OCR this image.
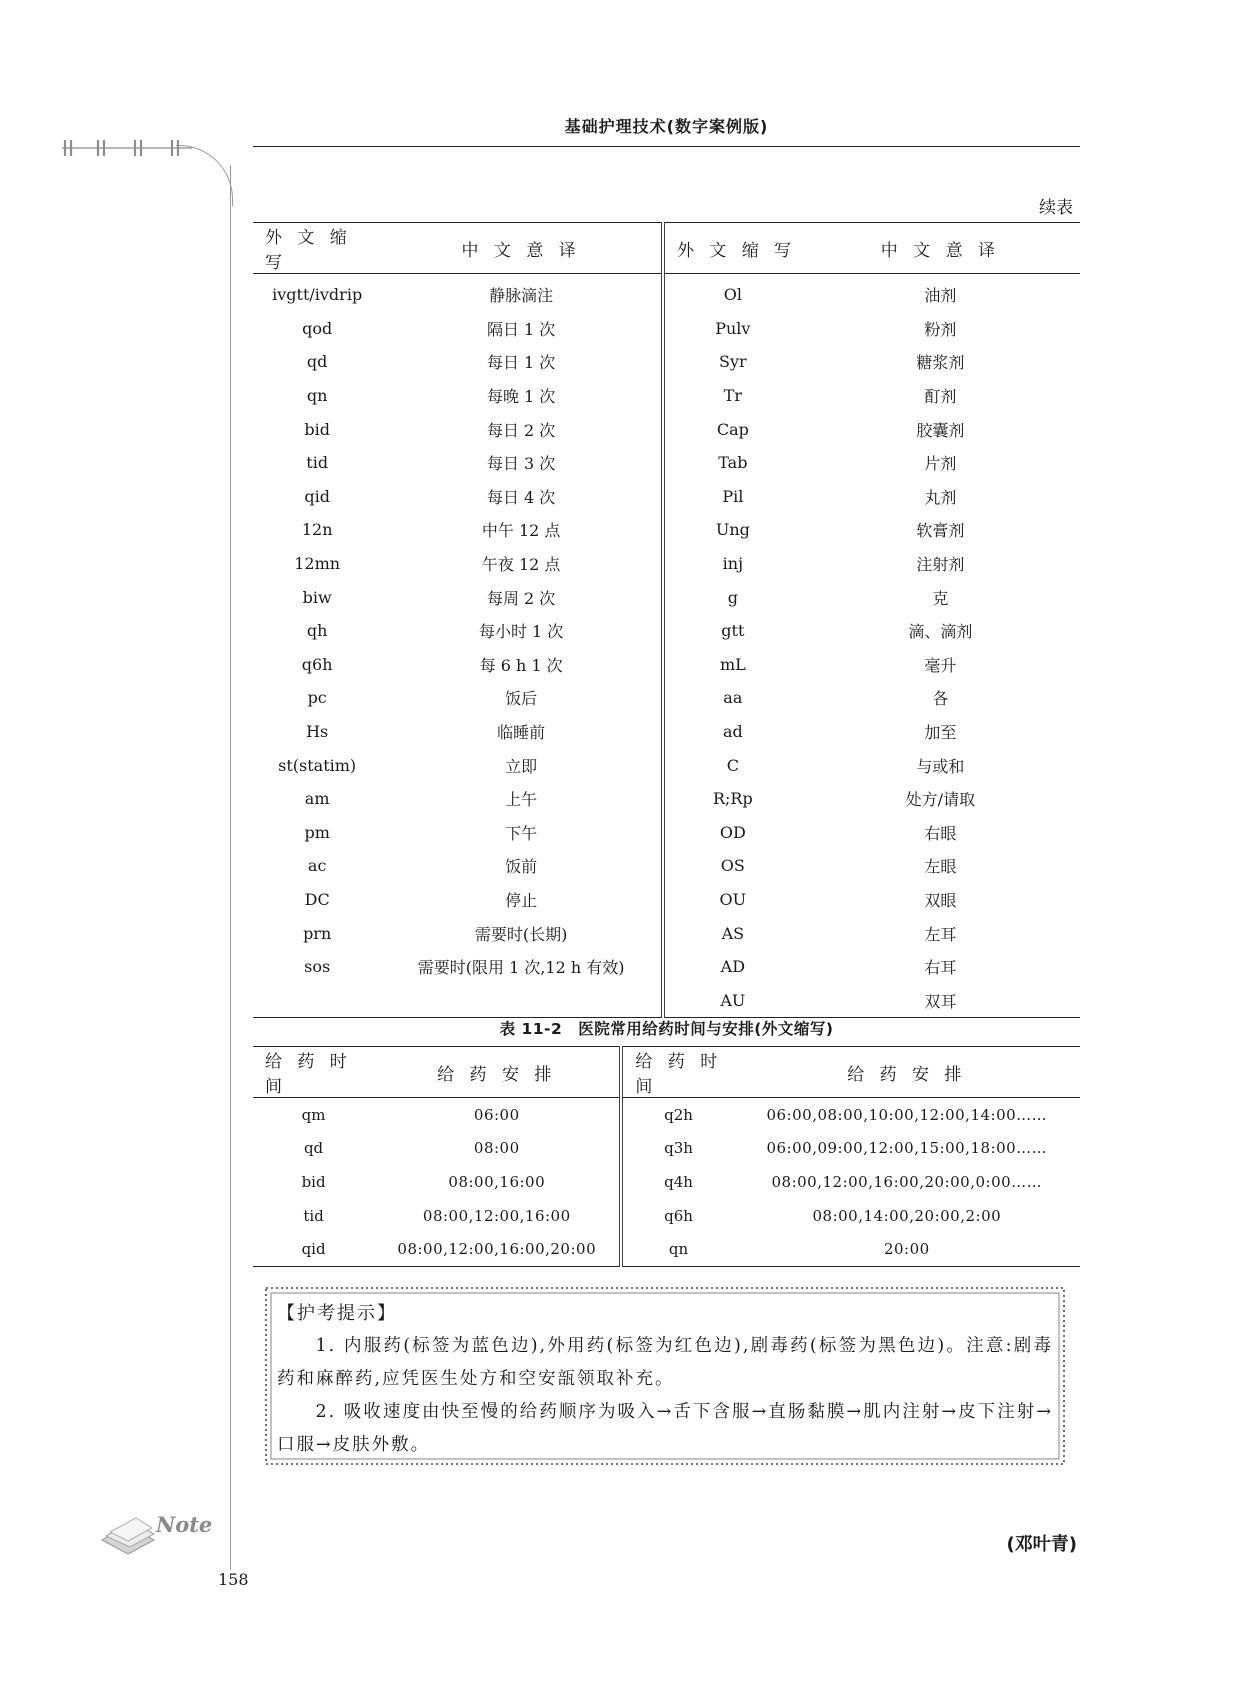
基础护理技术(数字案例版)
续表
外 文 缩 写	中 文 意 译	外 文 缩 写	中 文 意 译
ivgtt/ivdrip	静脉滴注	Ol	油剂
qod	隔日 1 次	Pulv	粉剂
qd	每日 1 次	Syr	糖浆剂
qn	每晚 1 次	Tr	酊剂
bid	每日 2 次	Cap	胶囊剂
tid	每日 3 次	Tab	片剂
qid	每日 4 次	Pil	丸剂
12n	中午 12 点	Ung	软膏剂
12mn	午夜 12 点	inj	注射剂
biw	每周 2 次	g	克
qh	每小时 1 次	gtt	滴、滴剂
q6h	每 6 h 1 次	mL	毫升
pc	饭后	aa	各
Hs	临睡前	ad	加至
st(statim)	立即	C	与或和
am	上午	R;Rp	处方/请取
pm	下午	OD	右眼
ac	饭前	OS	左眼
DC	停止	OU	双眼
prn	需要时(长期)	AS	左耳
sos	需要时(限用 1 次,12 h 有效)	AD	右耳
		AU	双耳
表 11-2　医院常用给药时间与安排(外文缩写)
给 药 时 间	给 药 安 排	给 药 时 间	给 药 安 排
qm	06:00	q2h	06:00,08:00,10:00,12:00,14:00……
qd	08:00	q3h	06:00,09:00,12:00,15:00,18:00……
bid	08:00,16:00	q4h	08:00,12:00,16:00,20:00,0:00……
tid	08:00,12:00,16:00	q6h	08:00,14:00,20:00,2:00
qid	08:00,12:00,16:00,20:00	qn	20:00
【护考提示】

1. 内服药(标签为蓝色边),外用药(标签为红色边),剧毒药(标签为黑色边)。注意:剧毒药和麻醉药,应凭医生处方和空安瓿领取补充。

2. 吸收速度由快至慢的给药顺序为吸入→舌下含服→直肠黏膜→肌内注射→皮下注射→口服→皮肤外敷。

Note
(邓叶青)
158
